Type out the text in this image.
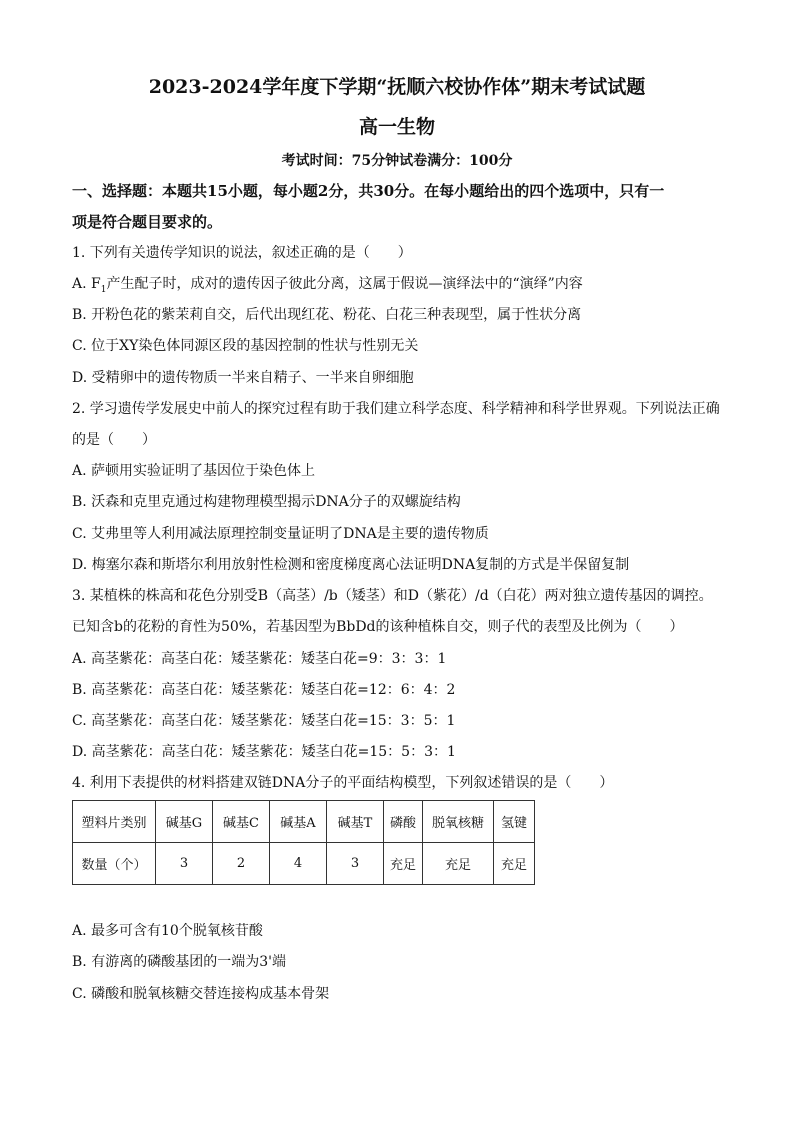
2023-2024学年度下学期“抚顺六校协作体”期末考试试题
高一生物
考试时间：75分钟试卷满分：100分
一、选择题：本题共15小题，每小题2分，共30分。在每小题给出的四个选项中，只有一
项是符合题目要求的。
1. 下列有关遗传学知识的说法，叙述正确的是（　　）
A. $F_1$产生配子时，成对的遗传因子彼此分离，这属于假说—演绎法中的“演绎”内容
B. 开粉色花的紫茉莉自交，后代出现红花、粉花、白花三种表现型，属于性状分离
C. 位于XY染色体同源区段的基因控制的性状与性别无关
D. 受精卵中的遗传物质一半来自精子、一半来自卵细胞
2. 学习遗传学发展史中前人的探究过程有助于我们建立科学态度、科学精神和科学世界观。下列说法正确
的是（　　）
A. 萨顿用实验证明了基因位于染色体上
B. 沃森和克里克通过构建物理模型揭示DNA分子的双螺旋结构
C. 艾弗里等人利用减法原理控制变量证明了DNA是主要的遗传物质
D. 梅塞尔森和斯塔尔利用放射性检测和密度梯度离心法证明DNA复制的方式是半保留复制
3. 某植株的株高和花色分别受B（高茎）/b（矮茎）和D（紫花）/d（白花）两对独立遗传基因的调控。
已知含b的花粉的育性为50%，若基因型为BbDd的该种植株自交，则子代的表型及比例为（　　）
A. 高茎紫花：高茎白花：矮茎紫花：矮茎白花=9：3：3：1
B. 高茎紫花：高茎白花：矮茎紫花：矮茎白花=12：6：4：2
C. 高茎紫花：高茎白花：矮茎紫花：矮茎白花=15：3：5：1
D. 高茎紫花：高茎白花：矮茎紫花：矮茎白花=15：5：3：1
4. 利用下表提供的材料搭建双链DNA分子的平面结构模型，下列叙述错误的是（　　）
塑料片类别	碱基G	碱基C	碱基A	碱基T	磷酸	脱氧核糖	氢键
数量（个）	3	2	4	3	充足	充足	充足
A. 最多可含有10个脱氧核苷酸
B. 有游离的磷酸基团的一端为3'端
C. 磷酸和脱氧核糖交替连接构成基本骨架
